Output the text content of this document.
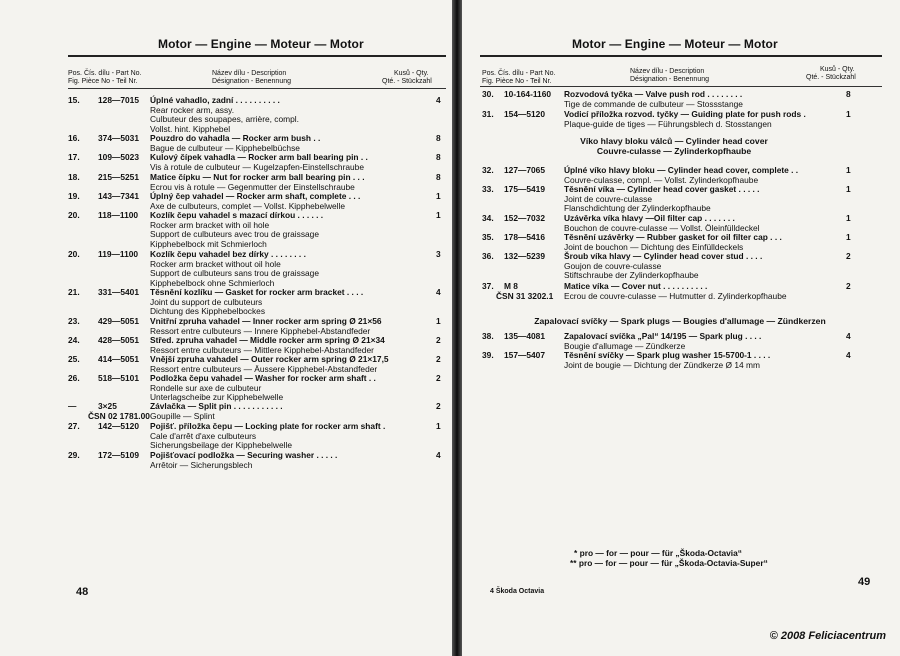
Motor — Engine — Moteur — Motor
Pos. Čís. dílu - Part No.
Fig. Pièce No - Teil Nr.
Název dílu - Description
Désignation - Benennung
Kusů - Qty.
Qté. - Stückzahl
15. 128—7015 Úplné vahadlo, zadní . . . . . . . . . .
Rear rocker arm, assy.
Culbuteur des soupapes, arrière, compl.
Vollst. hint. Kipphebel
4
16. 374—5031 Pouzdro do vahadla — Rocker arm bush . .
Bague de culbuteur — Kipphebelbüchse
8
17. 109—5023 Kulový čípek vahadla — Rocker arm ball bearing pin . .
Vis à rotule de culbuteur — Kugelzapfen-Einstellschraube
8
18. 215—5251 Matice čípku — Nut for rocker arm ball bearing pin . . .
Ecrou vis à rotule — Gegenmutter der Einstellschraube
8
19. 143—7341 Úplný čep vahadel — Rocker arm shaft, complete . . .
Axe de culbuteurs, complet — Vollst. Kipphebelwelle
1
20. 118—1100 Kozlík čepu vahadel s mazací dírkou . . . . . .
Rocker arm bracket with oil hole
Support de culbuteurs avec trou de graissage
Kipphebelbock mit Schmierloch
1
20. 119—1100 Kozlík čepu vahadel bez dírky . . . . . . . .
Rocker arm bracket without oil hole
Support de culbuteurs sans trou de graissage
Kipphebelbock ohne Schmierloch
3
21. 331—5401 Těsnění kozlíku — Gasket for rocker arm bracket . . . .
Joint du support de culbuteurs
Dichtung des Kipphebelbockes
4
23. 429—5051 Vnitřní zpruha vahadel — Inner rocker arm spring Ø 21×56
Ressort entre culbuteurs — Innere Kipphebel-Abstandfeder
1
24. 428—5051 Střed. zpruha vahadel — Middle rocker arm spring Ø 21×34
Ressort entre culbuteurs — Mittlere Kipphebel-Abstandfeder
2
25. 414—5051 Vnější zpruha vahadel — Outer rocker arm spring Ø 21×17,5
Ressort entre culbuteurs — Äussere Kipphebel-Abstandfeder
2
26. 518—5101 Podložka čepu vahadel — Washer for rocker arm shaft . .
Rondelle sur axe de culbuteur
Unterlagscheibe zur Kipphebelwelle
2
—	3×25
ČSN 02 1781.00
Závlačka — Split pin . . . . . . . . . . .
Goupille — Splint
2
27. 142—5120 Pojišť. příložka čepu — Locking plate for rocker arm shaft .
Cale d'arrêt d'axe culbuteurs
Sicherungsbeilage der Kipphebelwelle
1
29. 172—5109 Pojišťovací podložka — Securing washer . . . . .
Arrêtoir — Sicherungsblech
4
48
Motor — Engine — Moteur — Motor
Pos. Čís. dílu - Part No.
Fig. Pièce No - Teil Nr.
Název dílu - Description
Désignation - Benennung
Kusů - Qty.
Qté. - Stückzahl
30. 10-164-1160 Rozvodová tyčka — Valve push rod . . . . . . . .
Tige de commande de culbuteur — Stossstange
8
31. 154—5120 Vodicí příložka rozvod. tyčky — Guiding plate for push rods .
Plaque-guide de tiges — Führungsblech d. Stosstangen
1
32. 127—7065 Úplné víko hlavy bloku — Cylinder head cover, complete . .
Couvre-culasse, compl. — Vollst. Zylinderkopfhaube
1
33. 175—5419 Těsnění víka — Cylinder head cover gasket . . . . .
Joint de couvre-culasse
Flanschdichtung der Zylinderkopfhaube
1
34. 152—7032 Uzávěrka víka hlavy —Oil filter cap . . . . . . .
Bouchon de couvre-culasse — Vollst. Öleinfülldeckel
1
35. 178—5416 Těsnění uzávěrky — Rubber gasket for oil filter cap . . .
Joint de bouchon — Dichtung des Einfülldeckels
1
36. 132—5239 Šroub víka hlavy — Cylinder head cover stud . . . .
Goujon de couvre-culasse
Stiftschraube der Zylinderkopfhaube
2
37. M 8
ČSN 31 3202.1
Matice víka — Cover nut . . . . . . . . . .
Ecrou de couvre-culasse — Hutmutter d. Zylinderkopfhaube
2
38. 135—4081 Zapalovací svíčka „Pal“ 14/195 — Spark plug . . . .
Bougie d'allumage — Zündkerze
4
39. 157—5407 Těsnění svíčky — Spark plug washer 15-5700-1 . . . .
Joint de bougie — Dichtung der Zündkerze Ø 14 mm
4
Víko hlavy bloku válců — Cylinder head cover
Couvre-culasse — Zylinderkopfhaube
Zapalovací svíčky — Spark plugs — Bougies d'allumage — Zündkerzen
* pro — for — pour — für „Škoda-Octavia“
** pro — for — pour — für „Škoda-Octavia-Super“
4 Škoda Octavia
49
© 2008 Feliciacentrum
